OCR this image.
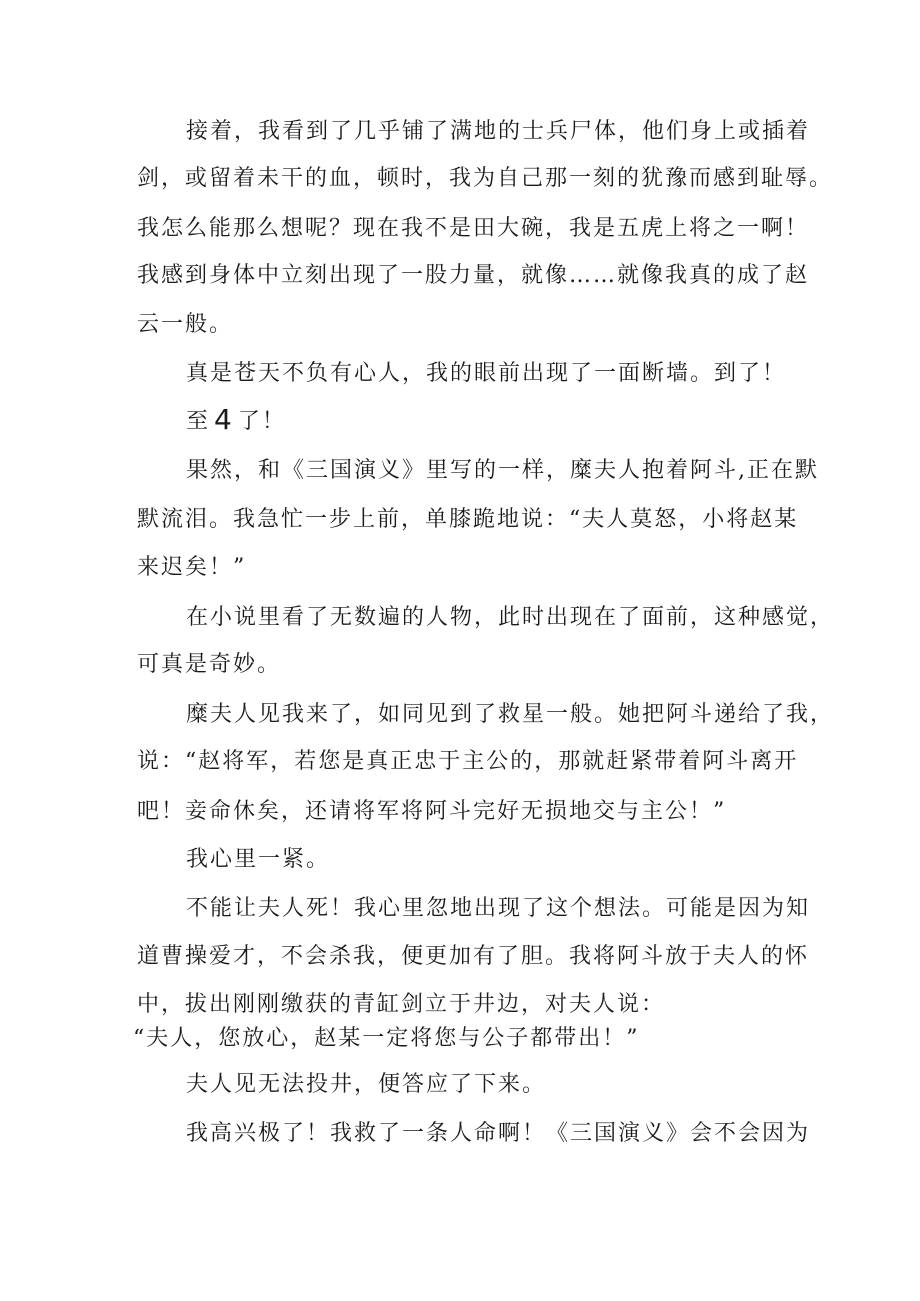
接着，我看到了几乎铺了满地的士兵尸体，他们身上或插着

剑，或留着未干的血，顿时，我为自己那一刻的犹豫而感到耻辱。

我怎么能那么想呢？现在我不是田大碗，我是五虎上将之一啊！

我感到身体中立刻出现了一股力量，就像……就像我真的成了赵

云一般。

真是苍天不负有心人，我的眼前出现了一面断墙。到了！

至 4 了！

果然，和《三国演义》里写的一样，糜夫人抱着阿斗,正在默

默流泪。我急忙一步上前，单膝跪地说：“夫人莫怒，小将赵某

来迟矣！”

在小说里看了无数遍的人物，此时出现在了面前，这种感觉，

可真是奇妙。

糜夫人见我来了，如同见到了救星一般。她把阿斗递给了我，

说：“赵将军，若您是真正忠于主公的，那就赶紧带着阿斗离开

吧！妾命休矣，还请将军将阿斗完好无损地交与主公！”

我心里一紧。

不能让夫人死！我心里忽地出现了这个想法。可能是因为知

道曹操爱才，不会杀我，便更加有了胆。我将阿斗放于夫人的怀

中，拔出刚刚缴获的青缸剑立于井边，对夫人说：

“夫人，您放心，赵某一定将您与公子都带出！”

夫人见无法投井，便答应了下来。

我高兴极了！我救了一条人命啊！《三国演义》会不会因为
